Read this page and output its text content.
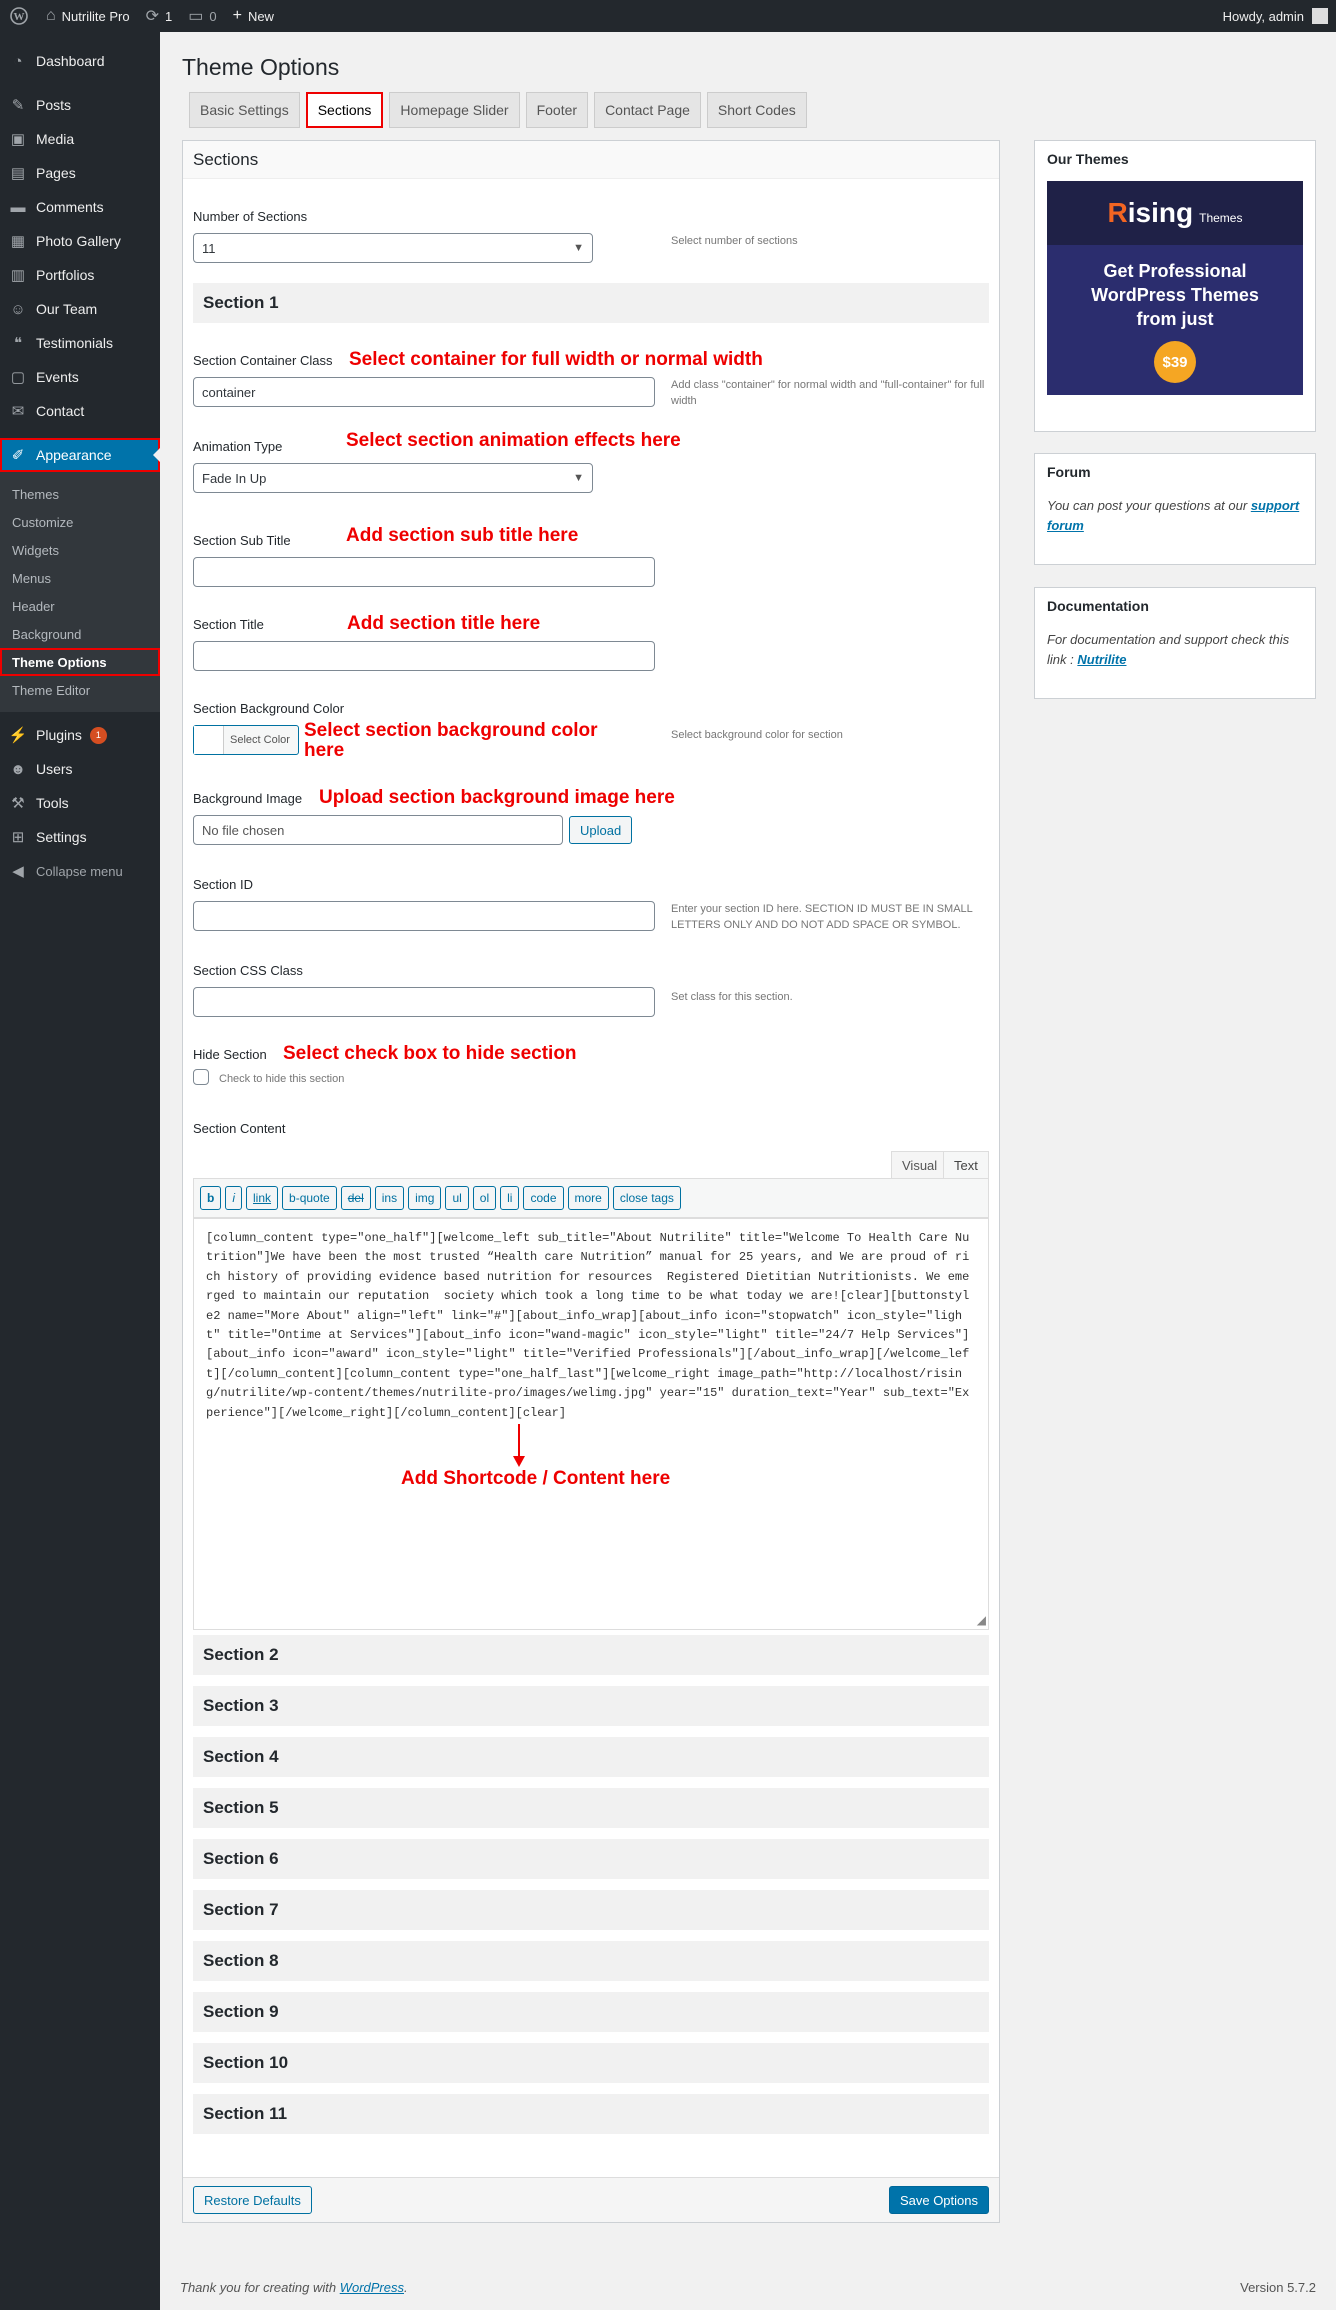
W ⌂ Nutrilite Pro ⟳ 1 ▭ 0 + New	Howdy, admin
◔ Dashboard
✎ Posts
▣ Media
▤ Pages
▬ Comments
▦ Photo Gallery
▥ Portfolios
☺ Our Team
❝ Testimonials
▢ Events
✉ Contact
✐ Appearance
Themes
Customize
Widgets
Menus
Header
Background
Theme Options
Theme Editor
⚡ Plugins	1
☻ Users
⚒ Tools
⊞ Settings
◀ Collapse menu
Theme Options
Basic Settings	Sections	Homepage Slider	Footer	Contact Page	Short Codes
Sections
Number of Sections
11	▼
Select number of sections
Section 1
Section Container Class Select container for full width or normal width
container	Add class "container" for normal width and "full-container" for full width
Animation Type	Select section animation effects here
Fade In Up	▼
Section Sub Title	Add section sub title here
Section Title	Add section title here
Section Background Color
Select Color Select section background color here
Select background color for section
Background Image Upload section background image here
No file chosen	Upload
Section ID
Enter your section ID here. SECTION ID MUST BE IN SMALL LETTERS ONLY AND DO NOT ADD SPACE OR SYMBOL.
Section CSS Class
Set class for this section.
Hide Section Select check box to hide section
Check to hide this section
Section Content
Visual	Text
b	i	link	b-quote	del	ins	img	ul	ol	li	code	more	close tags
[column_content type="one_half"][welcome_left sub_title="About Nutrilite" title="Welcome To Health Care Nutrition"]We have been the most trusted “Health care Nutrition” manual for 25 years, and We are proud of rich history of providing evidence based nutrition for resources  Registered Dietitian Nutritionists. We emerged to maintain our reputation  society which took a long time to be what today we are![clear][buttonstyle2 name="More About" align="left" link="#"][about_info_wrap][about_info icon="stopwatch" icon_style="light" title="Ontime at Services"][about_info icon="wand-magic" icon_style="light" title="24/7 Help Services"][about_info icon="award" icon_style="light" title="Verified Professionals"][/about_info_wrap][/welcome_left][/column_content][column_content type="one_half_last"][welcome_right image_path="http://localhost/rising/nutrilite/wp-content/themes/nutrilite-pro/images/welimg.jpg" year="15" duration_text="Year" sub_text="Experience"][/welcome_right][/column_content][clear]
◢
Add Shortcode / Content here
Section 2
Section 3
Section 4
Section 5
Section 6
Section 7
Section 8
Section 9
Section 10
Section 11
Restore Defaults	Save Options
Our Themes
R ising Themes
Get Professional WordPress Themes from just
$39
Forum

You can post your questions at our support forum

Documentation

For documentation and support check this link : Nutrilite

Thank you for creating with WordPress.	Version 5.7.2
